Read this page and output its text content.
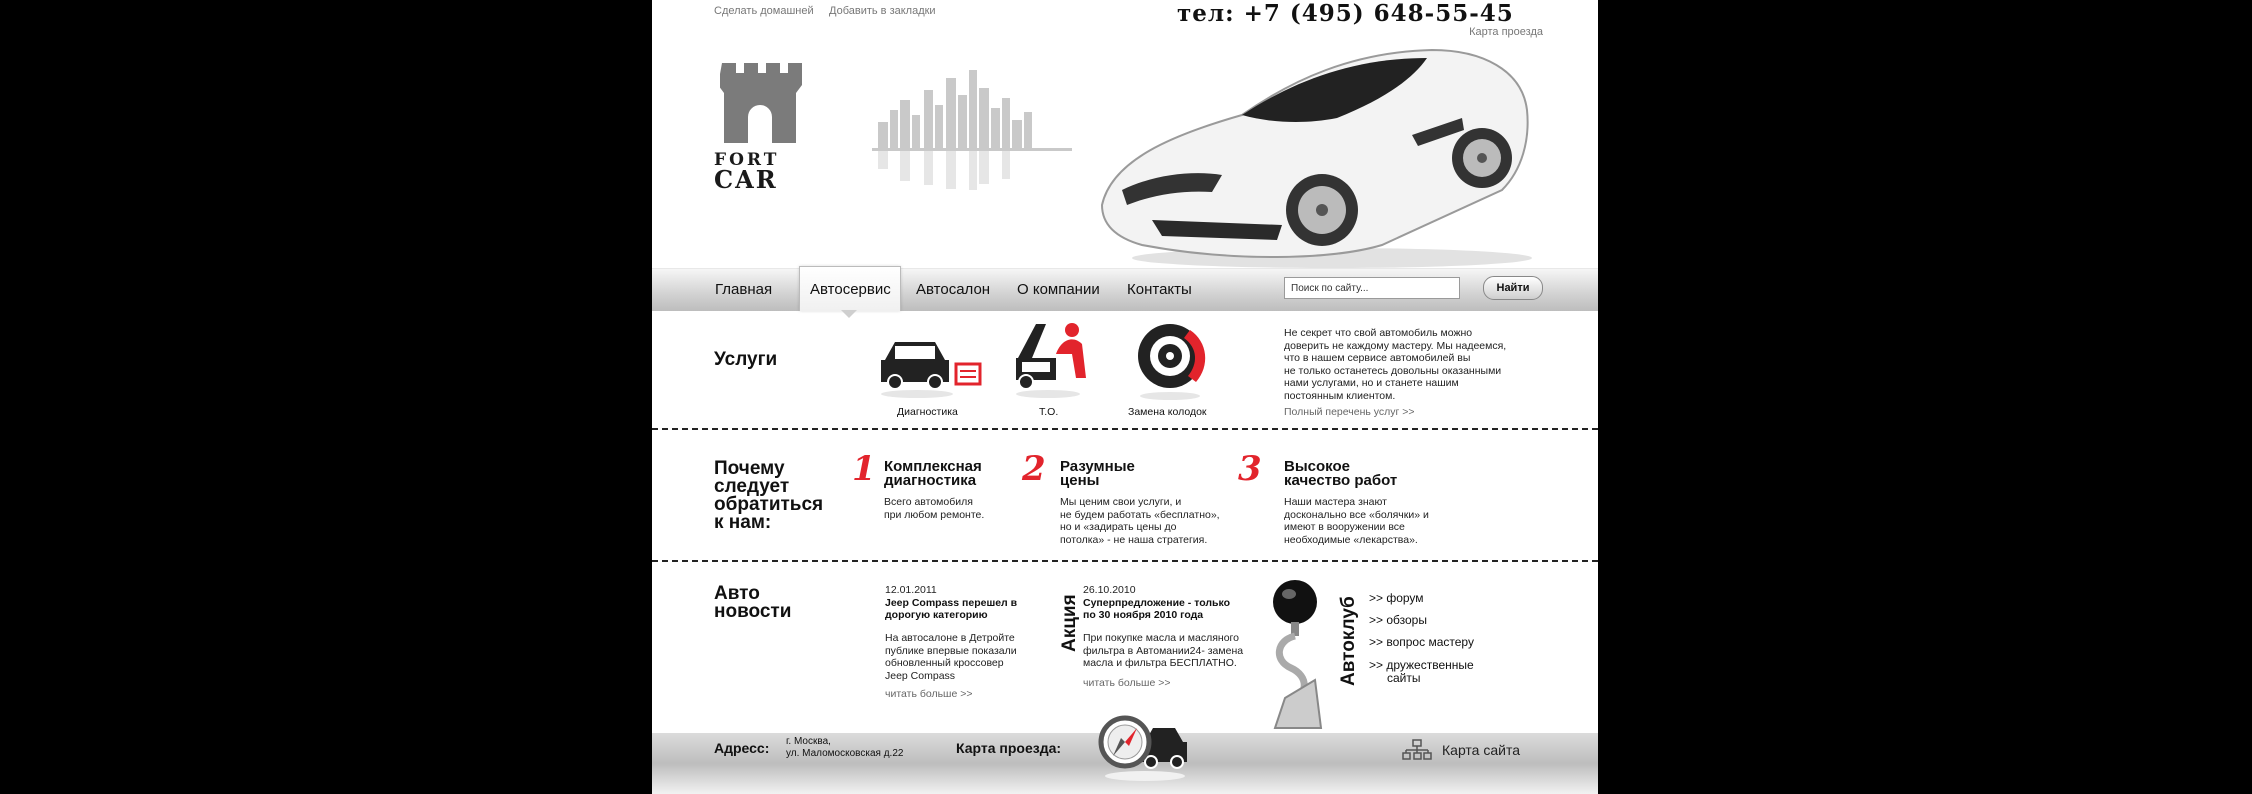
Сделать домашней Добавить в закладки	тел: +7 (495) 648-55-45
Карта проезда
FORT
CAR
Главная	Автосервис Автосалон О компании Контакты
Поиск по сайту...	Найти
Услуги
Диагностика	Т.О.	Замена колодок
Не секрет что свой автомобиль можно
доверить не каждому мастеру. Мы надеемся,
что в нашем сервисе автомобилей вы
не только останетесь довольны оказанными
нами услугами, но и станете нашим
постоянным клиентом.
Полный перечень услуг >>
Почему
следует
обратиться
к нам:
1 Комплексная
диагностика
Всего автомобиля
при любом ремонте.
2 Разумные
цены
Мы ценим свои услуги, и
не будем работать «бесплатно»,
но и «задирать цены до
потолка» - не наша стратегия.
3 Высокое
качество работ
Наши мастера знают
досконально все «болячки» и
имеют в вооружении все
необходимые «лекарства».
Авто
новости
12.01.2011
Jeep Compass перешел в
дорогую категорию
На автосалоне в Детройте
публике впервые показали
обновленный кроссовер
Jeep Compass
читать больше >>
Акция
26.10.2010
Суперпредложение - только
по 30 ноября 2010 года
При покупке масла и масляного
фильтра в Автомании24- замена
масла и фильтра БЕСПЛАТНО.
читать больше >>	Автоклуб >> форум
>> обзоры
>> вопрос мастеру
>> дружественные
сайты
Адресс: г. Москва,
ул. Маломосковская д.22	Карта проезда:	Карта сайта
